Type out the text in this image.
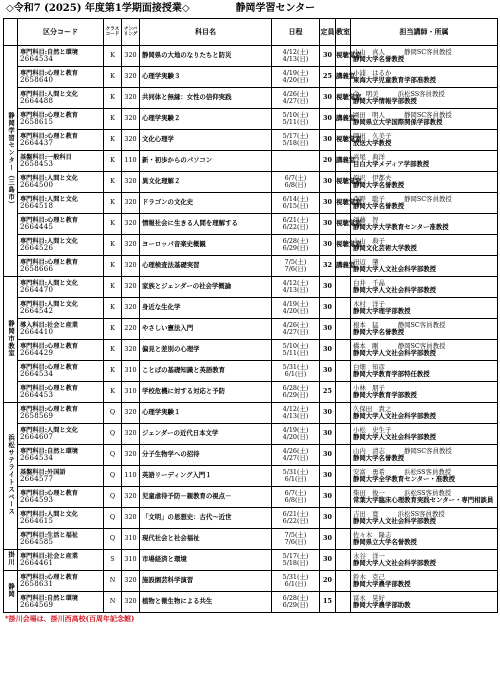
◇令和7 (2025) 年度第1学期面接授業◇	静岡学習センター
	区分コード	クラスコード	ナンバリング	科目名	日程	定員	教室	担当講師・所属
静岡学習センター（三島市）	専門科目:自然と環境
2664534	K	320	静岡県の大地のなりたちと防災	4/12(土)
4/13(日)	30	視聴覚室	小山　真人　　　静岡SC客員教授
静岡大学名誉教授

	専門科目:心理と教育
2658640	K	320	心理学実験３	4/19(土)
4/20(日)	25	講義室	小浦　はるか
東海大学児童教育学部准教授

	専門科目:人間と文化
2664488	K	320	共同体と無縁：女性の信仰実践	4/26(土)
4/27(日)	30	視聴覚室	金　明美　　　浜松SS客員教授
静岡大学情報学部教授

	専門科目:心理と教育
2658615	K	320	心理学実験２	5/10(土)
5/11(日)	30	講義室	園田　明人　　　静岡SC客員教授
静岡県立大学国際関係学部教授

	専門科目:心理と教育
2664437	K	320	文化心理学	5/17(土)
5/18(日)	30	視聴覚室	岡田　久美子
放送大学教授

	基盤科目:一般科目
2658453	K	110	新・初歩からのパソコン		20	講義室	高尾　典洋
目白大学メディア学部教授

	専門科目:人間と文化
2664500	K	320	異文化理解２	6/7(土)
6/8(日)	30	視聴覚室	原沢　伊都夫
静岡大学名誉教授

	専門科目:人間と文化
2664518	K	320	ドラゴンの文化史	6/14(土)
6/15(日)	30	視聴覚室	森野　聡子　　　静岡SC客員教授
静岡大学名誉教授

	専門科目:心理と教育
2664445	K	320	情報社会に生きる人間を理解する	6/21(土)
6/22(日)	30	視聴覚室	須藤　智
静岡大学大学教育センター准教授

	専門科目:人間と文化
2664526	K	320	ヨーロッパ音楽史概観	6/28(土)
6/29(日)	30	視聴覚室	上山　典子
静岡文化芸術大学教授

	専門科目:心理と教育
2658666	K	320	心理検査法基礎実習	7/5(土)
7/6(日)	32	講義室	田辺　肇
静岡大学人文社会科学部教授

静岡市教室	専門科目:人間と文化
2664470	K	320	家族とジェンダーの社会学概論	4/12(土)
4/13(日)	30		白井　千晶
静岡大学人文社会科学部教授

	専門科目:人間と文化
2664542	K	320	身近な生化学	4/19(土)
4/20(日)	30		木村　洋子
静岡大学理学部教授

	導入科目:社会と産業
2664410	K	220	やさしい憲法入門	4/26(土)
4/27(日)	30		根本　猛　　　静岡SC客員教授
静岡大学名誉教授

	専門科目:心理と教育
2664429	K	320	偏見と差別の心理学	5/10(土)
5/11(日)	30		橋本　剛　　　静岡SC客員教授
静岡大学人文社会科学部教授

	専門科目:心理と教育
2664534	K	310	ことばの基礎知識と英語教育	5/31(土)
6/1(日)	30		白畑　知彦
静岡大学教育学部特任教授

	専門科目:心理と教育
2664453	K	310	学校危機に対する対応と予防	6/28(土)
6/29(日)	25		小林　朋子
静岡大学教育学部教授

浜松サテライトスペース	専門科目:心理と教育
2658569	Q	320	心理学実験１	4/12(土)
4/13(日)	30		久保田　貴之
静岡大学人文社会科学部教授

	専門科目:人間と文化
2664607	Q	320	ジェンダーの近代日本文学	4/19(土)
4/20(日)	30		小松　史生子
静岡大学人文社会科学部教授

	専門科目:自然と環境
2664534	Q	320	分子生物学への招待	4/26(土)
4/27(日)	30		山内　清志　　　静岡SC客員教授
静岡大学名誉教授

	基盤科目:外国語
2664577	Q	110	英語リーディング入門１	5/31(土)
6/1(日)	30		安富　勇希　　　浜松SS客員教授
静岡大学全学教育センター・准教授

	専門科目:心理と教育
2664593	Q	320	児童虐待予防－親教育の視点－	6/7(土)
6/8(日)	30		柴田　俊一　　　浜松SS客員教授
常葉大学臨床心理教育実践センター・専門相談員

	専門科目:人間と文化
2664615	Q	320	「文明」の思想史：古代～近世	6/21(土)
6/22(日)	30		吉田　寛　　　浜松SS客員教授
静岡大学人文社会科学部教授

	専門科目:生活と福祉
2664585	Q	310	現代社会と社会福祉	7/5(土)
7/6(日)	30		佐々木　隆志
静岡県立大学名誉教授

掛川	専門科目:社会と産業
2664461	S	310	市場経済と環境	5/17(土)
5/18(日)	30		水谷　洋一
静岡大学人文社会科学部教授

静岡	専門科目:心理と教育
2658631	N	320	施設園芸科学演習	5/31(土)
6/1(日)	20		鈴木　克己
静岡大学農学部教授

	専門科目:自然と環境
2664569	N	320	植物と微生物による共生	6/28(土)
6/29(日)	15		富永　晃好
静岡大学農学部助教
*掛川会場は、掛川西高校(百周年記念館)
